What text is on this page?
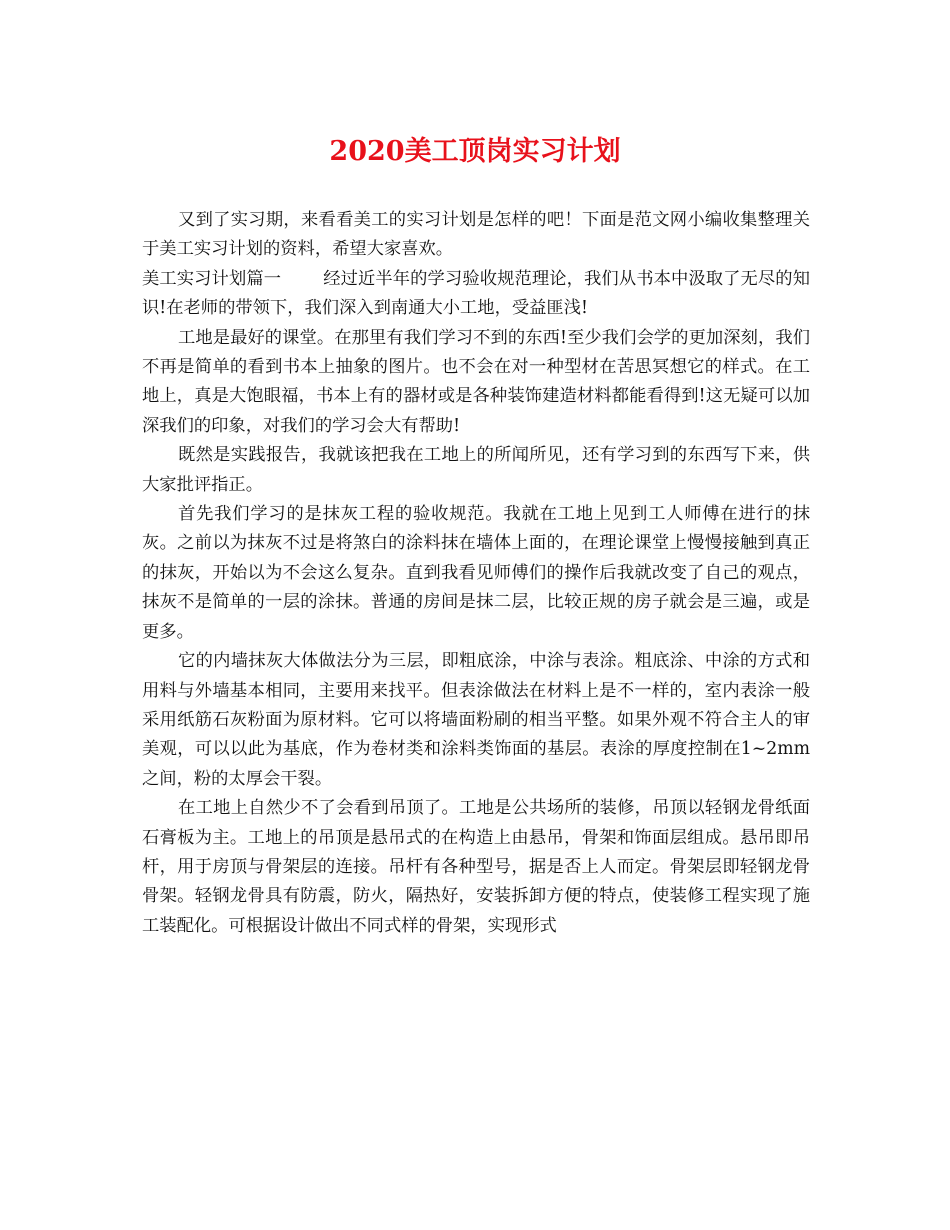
2020美工顶岗实习计划

又到了实习期，来看看美工的实习计划是怎样的吧！下面是范文网小编收集整理关于美工实习计划的资料，希望大家喜欢。

美工实习计划篇一 经过近半年的学习验收规范理论，我们从书本中汲取了无尽的知识!在老师的带领下，我们深入到南通大小工地，受益匪浅!

工地是最好的课堂。在那里有我们学习不到的东西!至少我们会学的更加深刻，我们不再是简单的看到书本上抽象的图片。也不会在对一种型材在苦思冥想它的样式。在工地上，真是大饱眼福，书本上有的器材或是各种装饰建造材料都能看得到!这无疑可以加深我们的印象，对我们的学习会大有帮助!

既然是实践报告，我就该把我在工地上的所闻所见，还有学习到的东西写下来，供大家批评指正。

首先我们学习的是抹灰工程的验收规范。我就在工地上见到工人师傅在进行的抹灰。之前以为抹灰不过是将煞白的涂料抹在墙体上面的，在理论课堂上慢慢接触到真正的抹灰，开始以为不会这么复杂。直到我看见师傅们的操作后我就改变了自己的观点，抹灰不是简单的一层的涂抹。普通的房间是抹二层，比较正规的房子就会是三遍，或是更多。

它的内墙抹灰大体做法分为三层，即粗底涂，中涂与表涂。粗底涂、中涂的方式和用料与外墙基本相同，主要用来找平。但表涂做法在材料上是不一样的，室内表涂一般采用纸筋石灰粉面为原材料。它可以将墙面粉刷的相当平整。如果外观不符合主人的审美观，可以以此为基底，作为卷材类和涂料类饰面的基层。表涂的厚度控制在1~2mm之间，粉的太厚会干裂。

在工地上自然少不了会看到吊顶了。工地是公共场所的装修，吊顶以轻钢龙骨纸面石膏板为主。工地上的吊顶是悬吊式的在构造上由悬吊，骨架和饰面层组成。悬吊即吊杆，用于房顶与骨架层的连接。吊杆有各种型号，据是否上人而定。骨架层即轻钢龙骨骨架。轻钢龙骨具有防震，防火，隔热好，安装拆卸方便的特点，使装修工程实现了施工装配化。可根据设计做出不同式样的骨架，实现形式
